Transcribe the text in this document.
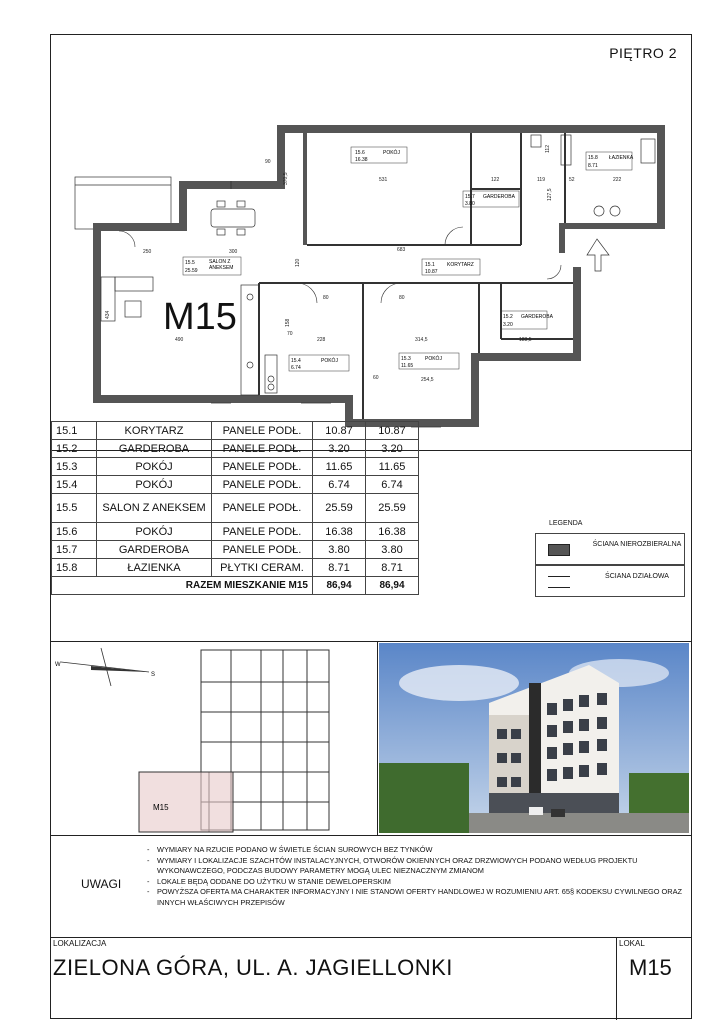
PIĘTRO 2
15.6	POKÓJ
16.38	15.8 ŁAZIENKA
8.71
15.7 GARDEROBA
3.80
15.5	SALON Z
ANEKSEM
25.59
15.1 KORYTARZ
10.87
15.2 GARDEROBA
3.20
15.4	POKÓJ
6.74
15.3	POKÓJ
11.65
531	122	119	52	222
300	683
250
490	228	314,5	183,5
254,5
370,5
434
127,5
112
120
158
60
80	80
70
90
M15
LEGENDA
ŚCIANA NIEROZBIERALNA
ŚCIANA DZIAŁOWA
W
S
M15
UWAGI
- WYMIARY NA RZUCIE PODANO W ŚWIETLE ŚCIAN SUROWYCH BEZ TYNKÓW
- WYMIARY I LOKALIZACJE SZACHTÓW INSTALACYJNYCH, OTWORÓW OKIENNYCH ORAZ DRZWIOWYCH PODANO WEDŁUG PROJEKTU WYKONAWCZEGO, PODCZAS BUDOWY PARAMETRY MOGĄ ULEC NIEZNACZNYM ZMIANOM
- LOKALE BĘDĄ ODDANE DO UŻYTKU W STANIE DEWELOPERSKIM
- POWYŻSZA OFERTA MA CHARAKTER INFORMACYJNY I NIE STANOWI OFERTY HANDLOWEJ W ROZUMIENIU ART. 65§ KODEKSU CYWILNEGO ORAZ INNYCH WŁAŚCIWYCH PRZEPISÓW
LOKALIZACJA
ZIELONA GÓRA, UL. A. JAGIELLONKI
LOKAL
M15
15.1	KORYTARZ	PANELE PODŁ.	10.87	10.87
15.2	GARDEROBA	PANELE PODŁ.	3.20	3.20
15.3	POKÓJ	PANELE PODŁ.	11.65	11.65
15.4	POKÓJ	PANELE PODŁ.	6.74	6.74
15.5	SALON Z ANEKSEM	PANELE PODŁ.	25.59	25.59
15.6	POKÓJ	PANELE PODŁ.	16.38	16.38
15.7	GARDEROBA	PANELE PODŁ.	3.80	3.80
15.8	ŁAZIENKA	PŁYTKI CERAM.	8.71	8.71
RAZEM MIESZKANIE M15			86,94	86,94
